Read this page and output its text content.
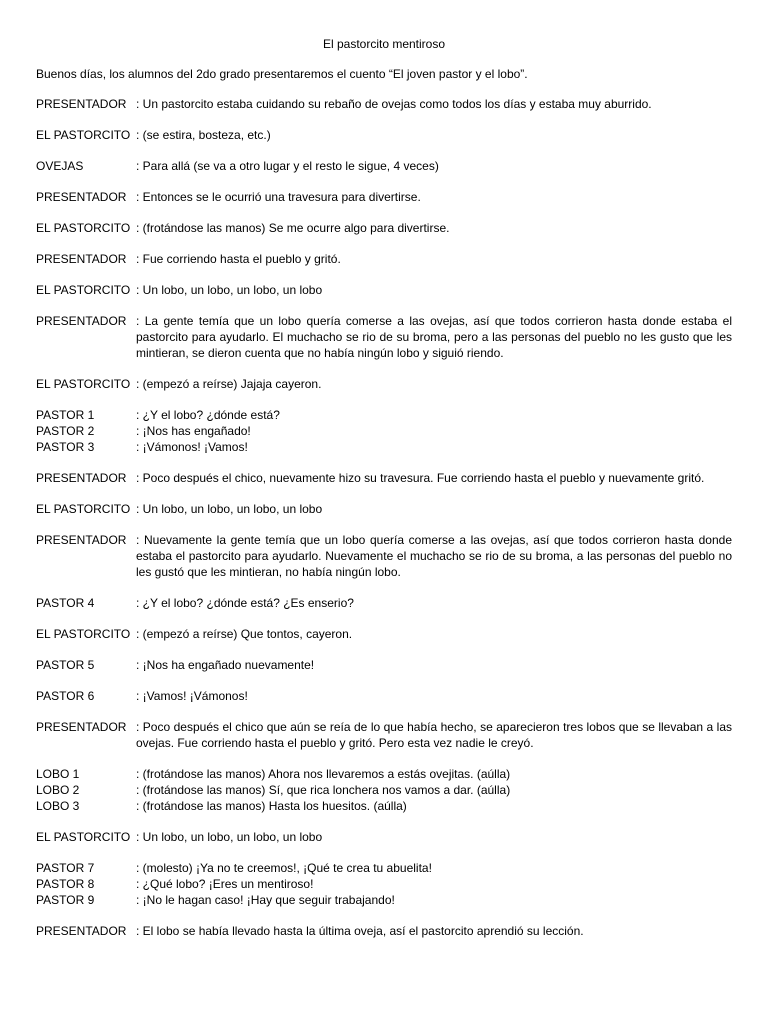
El pastorcito mentiroso
Buenos días, los alumnos del 2do grado presentaremos el cuento “El joven pastor y el lobo”.
PRESENTADOR : Un pastorcito estaba cuidando su rebaño de ovejas como todos los días y estaba muy aburrido.
EL PASTORCITO : (se estira, bosteza, etc.)
OVEJAS	: Para allá (se va a otro lugar y el resto le sigue, 4 veces)
PRESENTADOR : Entonces se le ocurrió una travesura para divertirse.
EL PASTORCITO : (frotándose las manos) Se me ocurre algo para divertirse.
PRESENTADOR : Fue corriendo hasta el pueblo y gritó.
EL PASTORCITO : Un lobo, un lobo, un lobo, un lobo
PRESENTADOR : La gente temía que un lobo quería comerse a las ovejas, así que todos corrieron hasta donde estaba el pastorcito para ayudarlo. El muchacho se rio de su broma, pero a las personas del pueblo no les gusto que les mintieran, se dieron cuenta que no había ningún lobo y siguió riendo.
EL PASTORCITO : (empezó a reírse) Jajaja cayeron.
PASTOR 1	: ¿Y el lobo? ¿dónde está?
PASTOR 2	: ¡Nos has engañado!
PASTOR 3	: ¡Vámonos! ¡Vamos!
PRESENTADOR : Poco después el chico, nuevamente hizo su travesura. Fue corriendo hasta el pueblo y nuevamente gritó.
EL PASTORCITO : Un lobo, un lobo, un lobo, un lobo
PRESENTADOR : Nuevamente la gente temía que un lobo quería comerse a las ovejas, así que todos corrieron hasta donde estaba el pastorcito para ayudarlo. Nuevamente el muchacho se rio de su broma, a las personas del pueblo no les gustó que les mintieran, no había ningún lobo.
PASTOR 4	: ¿Y el lobo? ¿dónde está? ¿Es enserio?
EL PASTORCITO : (empezó a reírse) Que tontos, cayeron.
PASTOR 5	: ¡Nos ha engañado nuevamente!
PASTOR 6	: ¡Vamos! ¡Vámonos!
PRESENTADOR : Poco después el chico que aún se reía de lo que había hecho, se aparecieron tres lobos que se llevaban a las ovejas. Fue corriendo hasta el pueblo y gritó. Pero esta vez nadie le creyó.
LOBO 1	: (frotándose las manos) Ahora nos llevaremos a estás ovejitas. (aúlla)
LOBO 2	: (frotándose las manos) Sí, que rica lonchera nos vamos a dar. (aúlla)
LOBO 3	: (frotándose las manos) Hasta los huesitos. (aúlla)
EL PASTORCITO : Un lobo, un lobo, un lobo, un lobo
PASTOR 7	: (molesto) ¡Ya no te creemos!, ¡Qué te crea tu abuelita!
PASTOR 8	: ¿Qué lobo? ¡Eres un mentiroso!
PASTOR 9	: ¡No le hagan caso! ¡Hay que seguir trabajando!
PRESENTADOR : El lobo se había llevado hasta la última oveja, así el pastorcito aprendió su lección.
